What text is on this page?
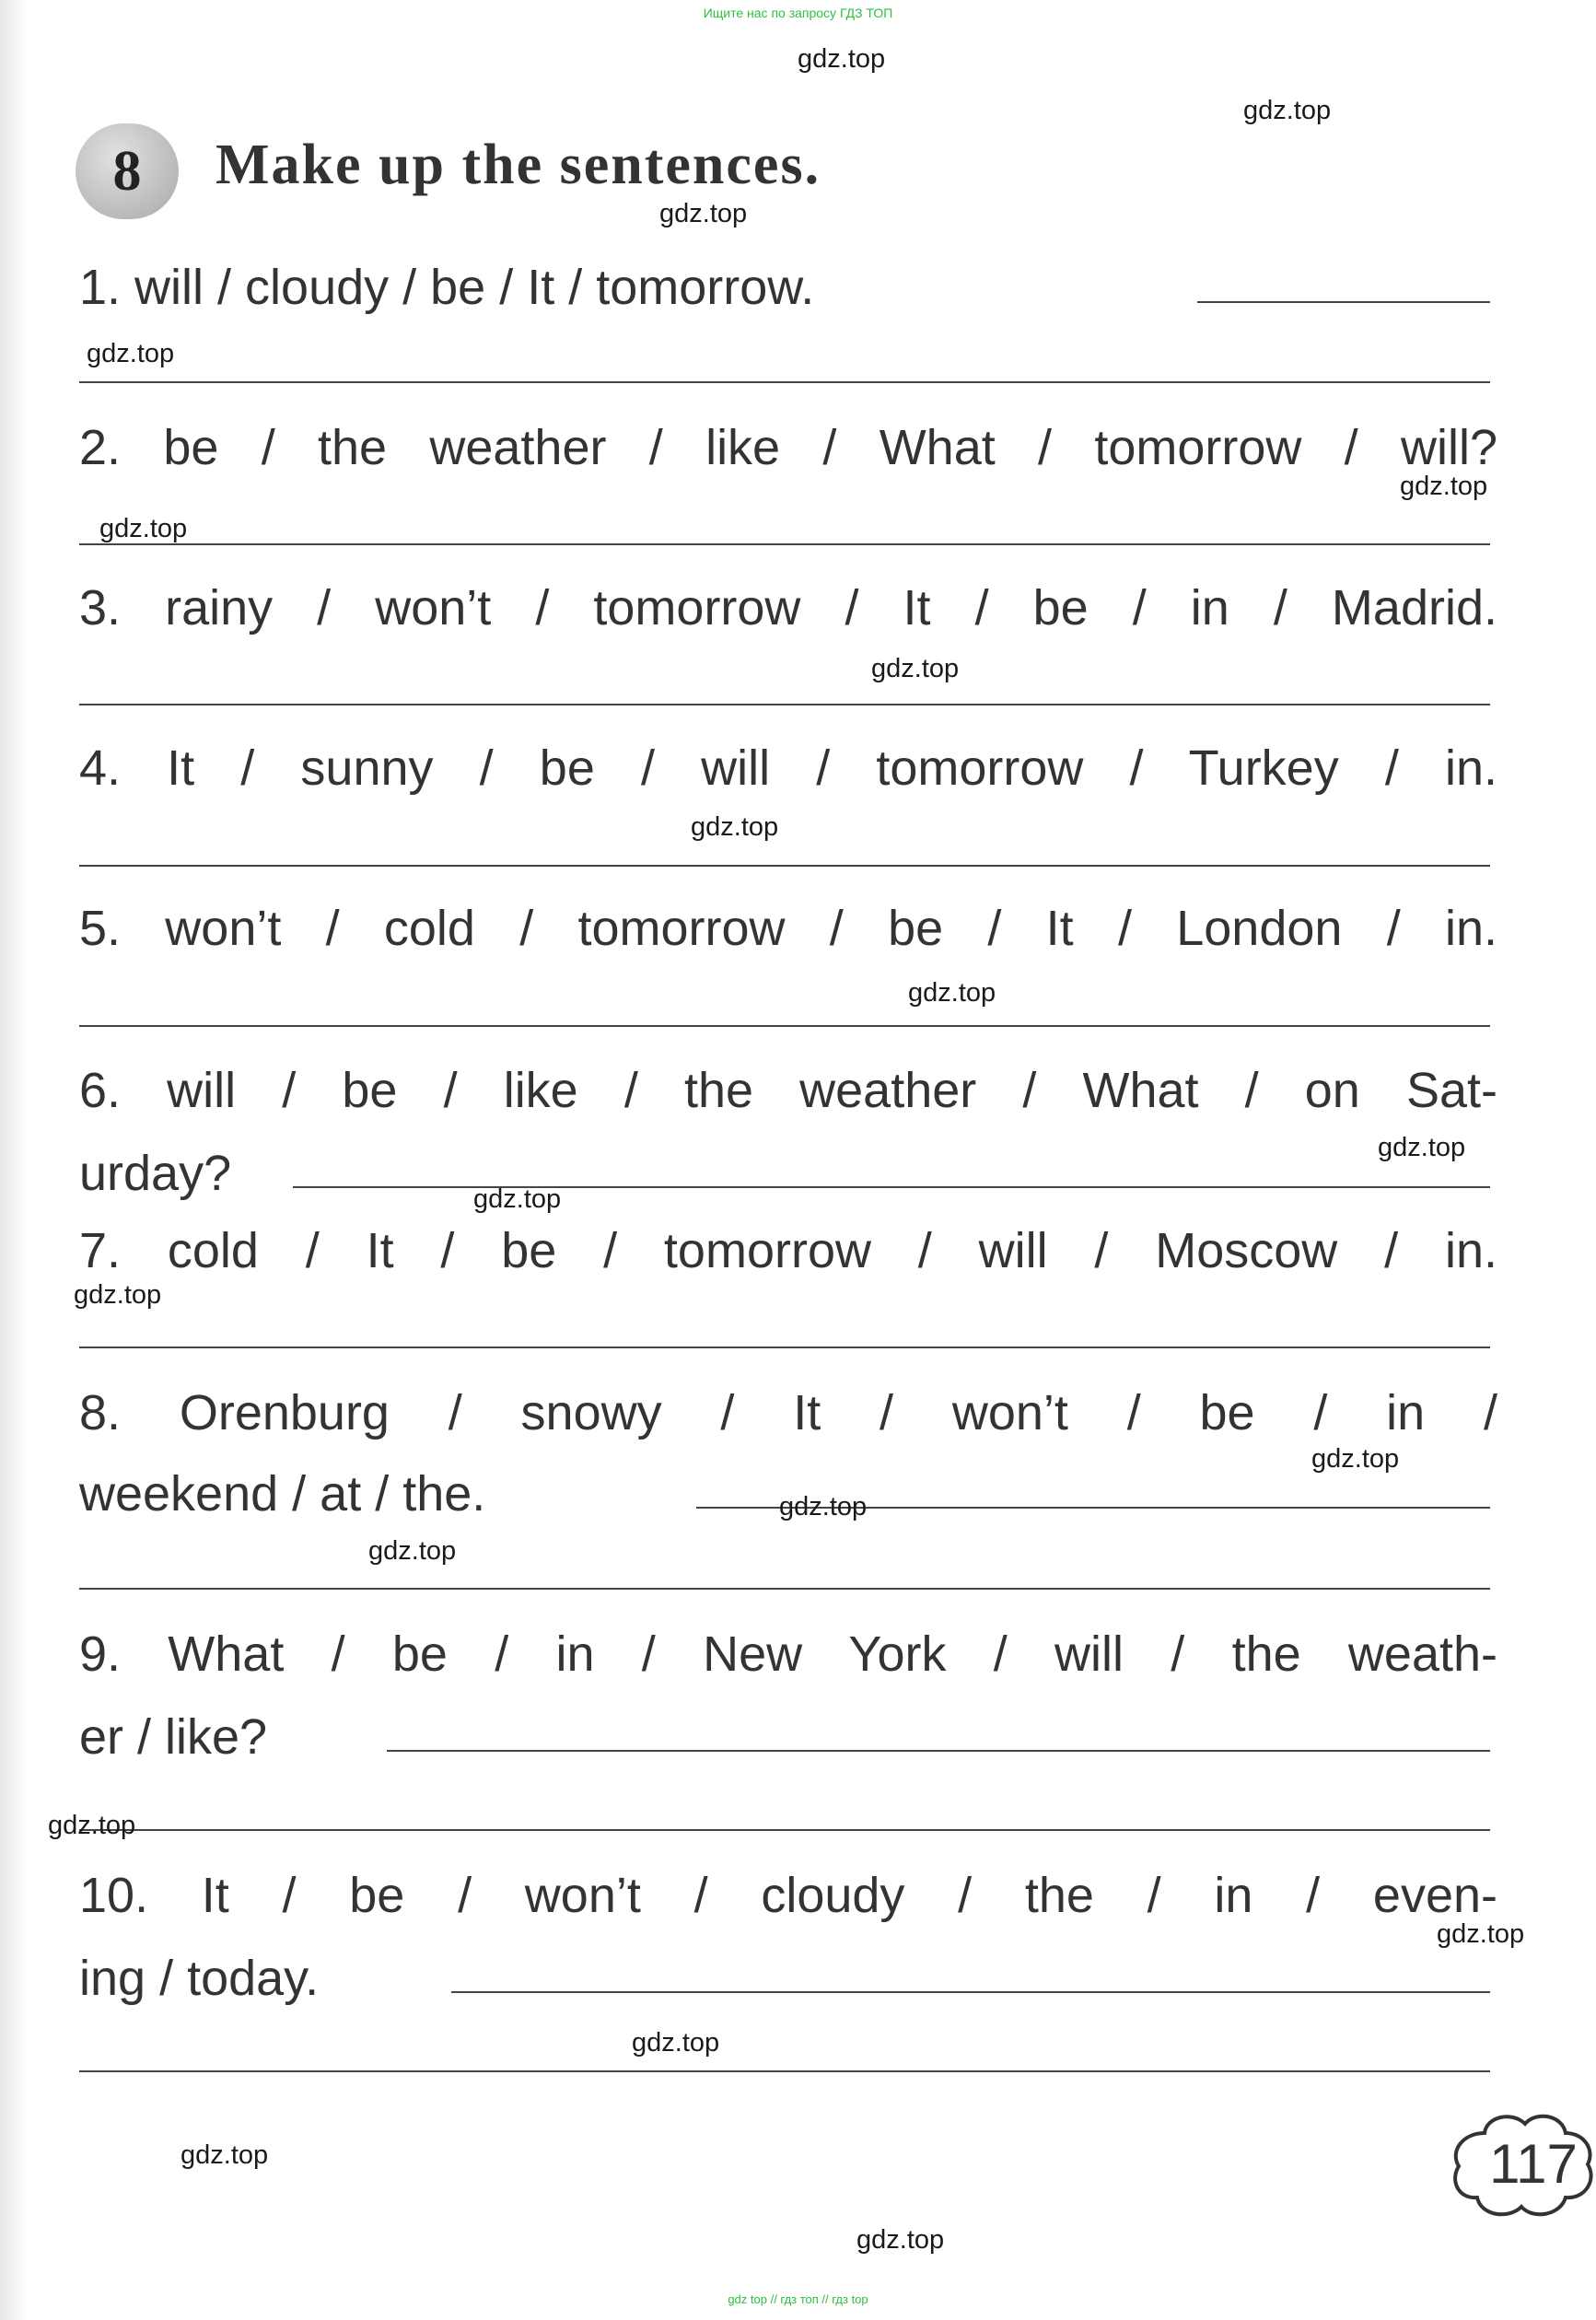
Ищите нас по запросу ГДЗ ТОП
8	Make up the sentences.
1. will / cloudy / be / It / tomorrow.
2. be / the weather / like / What / tomorrow / will?
3. rainy / won’t / tomorrow / It / be / in / Madrid.
4. It / sunny / be / will / tomorrow / Turkey / in.
5. won’t / cold / tomorrow / be / It / London / in.
6. will / be / like / the weather / What / on Sat-
urday?
7. cold / It / be / tomorrow / will / Moscow / in.
8. Orenburg / snowy / It / won’t / be / in /
weekend / at / the.
9. What / be / in / New York / will / the weath-
er / like?
10. It / be / won’t / cloudy / the / in / even-
ing / today.
gdz.top
gdz.top
gdz.top
gdz.top
gdz.top
gdz.top
gdz.top
gdz.top
gdz.top
gdz.top
gdz.top
gdz.top
gdz.top
gdz.top
gdz.top
gdz.top
gdz.top
gdz.top
gdz.top
gdz.top
117
gdz top // гдз топ // гдз top
